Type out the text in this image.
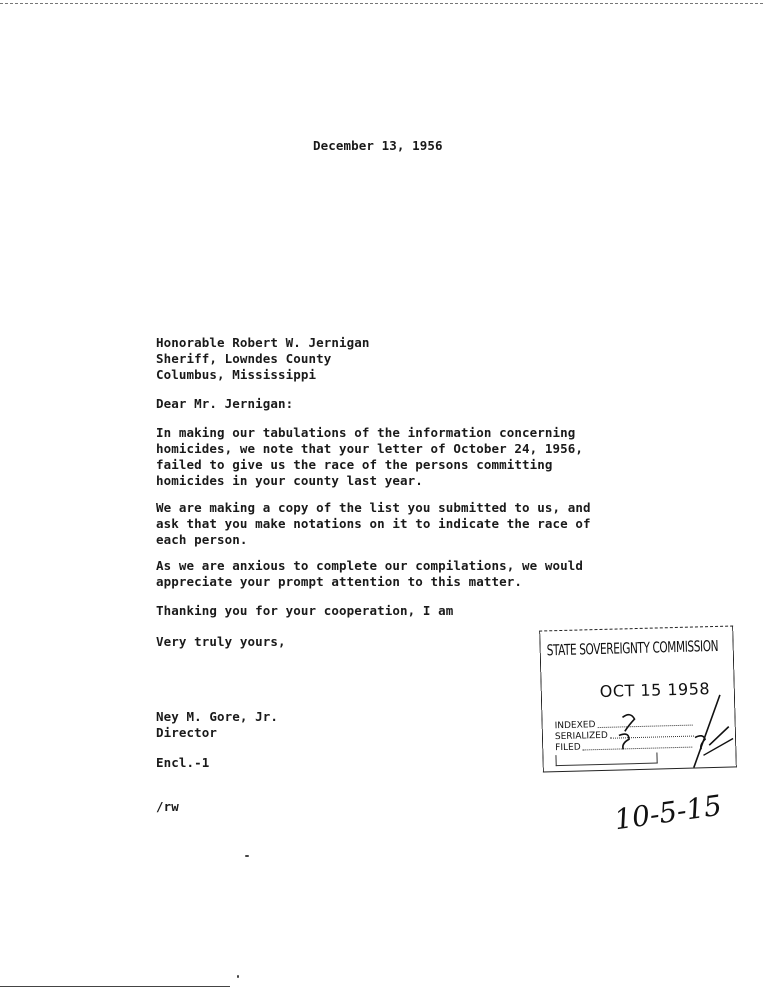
December 13, 1956

Honorable Robert W. Jernigan

Sheriff, Lowndes County

Columbus, Mississippi

Dear Mr. Jernigan:

In making our tabulations of the information concerning

homicides, we note that your letter of October 24, 1956,

failed to give us the race of the persons committing

homicides in your county last year.

We are making a copy of the list you submitted to us, and

ask that you make notations on it to indicate the race of

each person.

As we are anxious to complete our compilations, we would

appreciate your prompt attention to this matter.

Thanking you for your cooperation, I am

Very truly yours,

Ney M. Gore, Jr.

Director

Encl.-1

/rw

STATE SOVEREIGNTY COMMISSION
OCT 15 1958
INDEXED
SERIALIZED
FILED
10-5-15
